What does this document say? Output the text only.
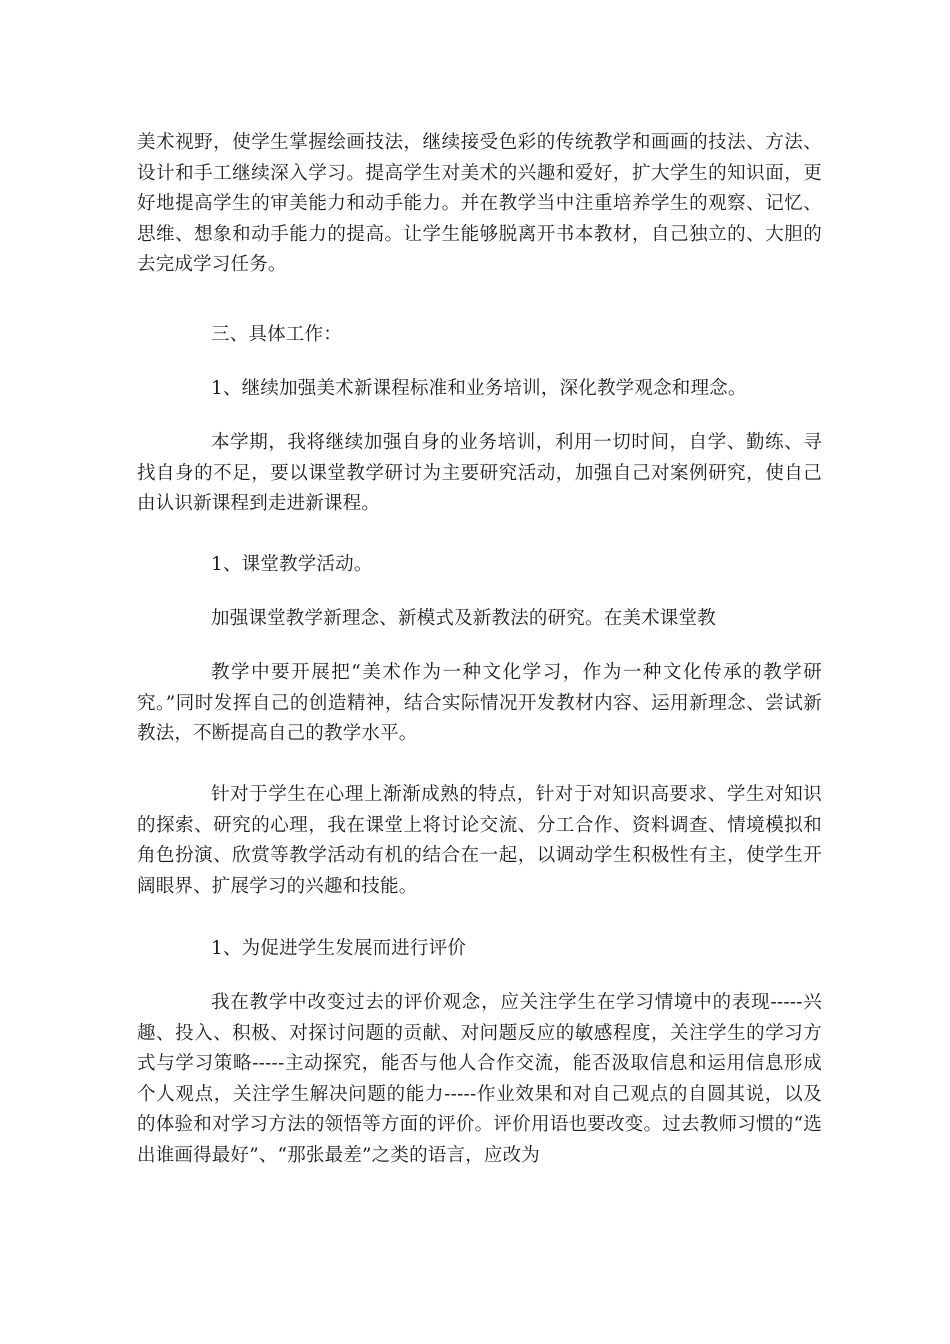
美术视野，使学生掌握绘画技法，继续接受色彩的传统教学和画画的技法、方法、设计和手工继续深入学习。提高学生对美术的兴趣和爱好，扩大学生的知识面，更好地提高学生的审美能力和动手能力。并在教学当中注重培养学生的观察、记忆、思维、想象和动手能力的提高。让学生能够脱离开书本教材，自己独立的、大胆的去完成学习任务。

三、具体工作：

1、继续加强美术新课程标准和业务培训，深化教学观念和理念。

本学期，我将继续加强自身的业务培训，利用一切时间，自学、勤练、寻找自身的不足，要以课堂教学研讨为主要研究活动，加强自己对案例研究，使自己由认识新课程到走进新课程。

1、课堂教学活动。

加强课堂教学新理念、新模式及新教法的研究。在美术课堂教

教学中要开展把“美术作为一种文化学习，作为一种文化传承的教学研究。”同时发挥自己的创造精神，结合实际情况开发教材内容、运用新理念、尝试新教法，不断提高自己的教学水平。

针对于学生在心理上渐渐成熟的特点，针对于对知识高要求、学生对知识的探索、研究的心理，我在课堂上将讨论交流、分工合作、资料调查、情境模拟和角色扮演、欣赏等教学活动有机的结合在一起，以调动学生积极性有主，使学生开阔眼界、扩展学习的兴趣和技能。

1、为促进学生发展而进行评价

我在教学中改变过去的评价观念，应关注学生在学习情境中的表现-----兴趣、投入、积极、对探讨问题的贡献、对问题反应的敏感程度，关注学生的学习方式与学习策略-----主动探究，能否与他人合作交流，能否汲取信息和运用信息形成个人观点，关注学生解决问题的能力-----作业效果和对自己观点的自圆其说，以及的体验和对学习方法的领悟等方面的评价。评价用语也要改变。过去教师习惯的“选出谁画得最好”、“那张最差”之类的语言，应改为
